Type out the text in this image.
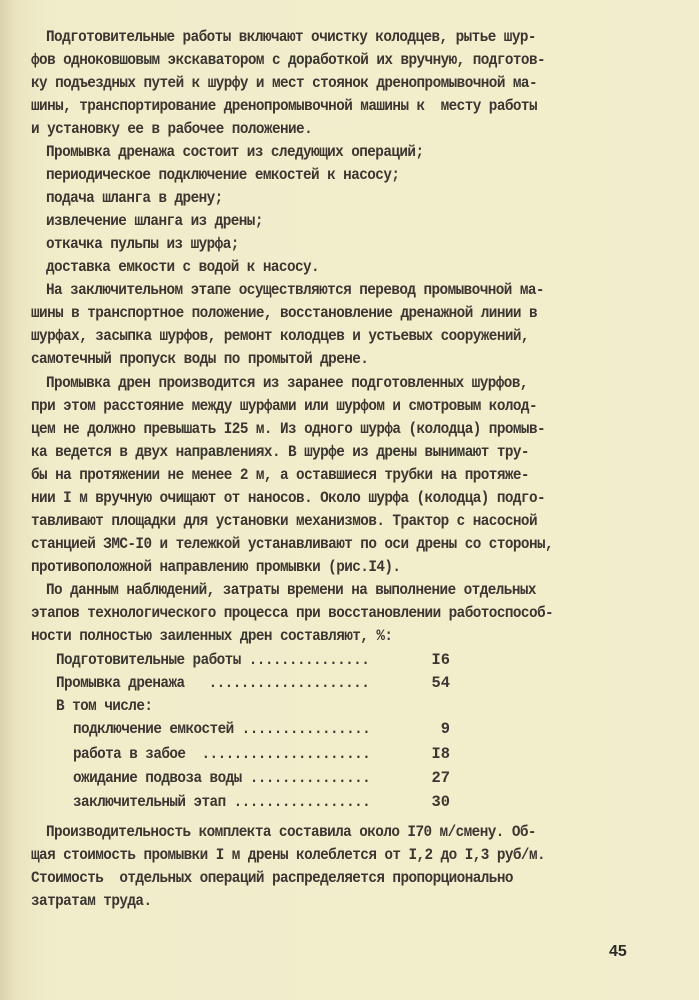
Подготовительные работы включают очистку колодцев, рытье шур-
фов одноковшовым экскаватором с доработкой их вручную, подготов-
ку подъездных путей к шурфу и мест стоянок дренопромывочной ма-
шины, транспортирование дренопромывочной машины к  месту работы
и установку ее в рабочее положение.
Промывка дренажа состоит из следующих операций;
периодическое подключение емкостей к насосу;
подача шланга в дрену;
извлечение шланга из дрены;
откачка пульпы из шурфа;
доставка емкости с водой к насосу.
На заключительном этапе осуществляются перевод промывочной ма-
шины в транспортное положение, восстановление дренажной линии в
шурфах, засыпка шурфов, ремонт колодцев и устьевых сооружений,
самотечный пропуск воды по промытой дрене.
Промывка дрен производится из заранее подготовленных шурфов,
при этом расстояние между шурфами или шурфом и смотровым колод-
цем не должно превышать I25 м. Из одного шурфа (колодца) промыв-
ка ведется в двух направлениях. В шурфе из дрены вынимают тру-
бы на протяжении не менее 2 м, а оставшиеся трубки на протяже-
нии I м вручную очищают от наносов. Около шурфа (колодца) подго-
тавливают площадки для установки механизмов. Трактор с насосной
станцией ЗМС-I0 и тележкой устанавливают по оси дрены со стороны,
противоположной направлению промывки (рис.I4).
По данным наблюдений, затраты времени на выполнение отдельных
этапов технологического процесса при восстановлении работоспособ-
ности полностью заиленных дрен составляют, %:
Подготовительные работы ...............	I6
Промывка дренажа   ....................	54
В том числе:
подключение емкостей ................	9
работа в забое  .....................	I8
ожидание подвоза воды ...............	27
заключительный этап .................	30
Производительность комплекта составила около I70 м/смену. Об-
щая стоимость промывки I м дрены колеблется от I,2 до I,3 руб/м.
Стоимость  отдельных операций распределяется пропорционально
затратам труда.
45
